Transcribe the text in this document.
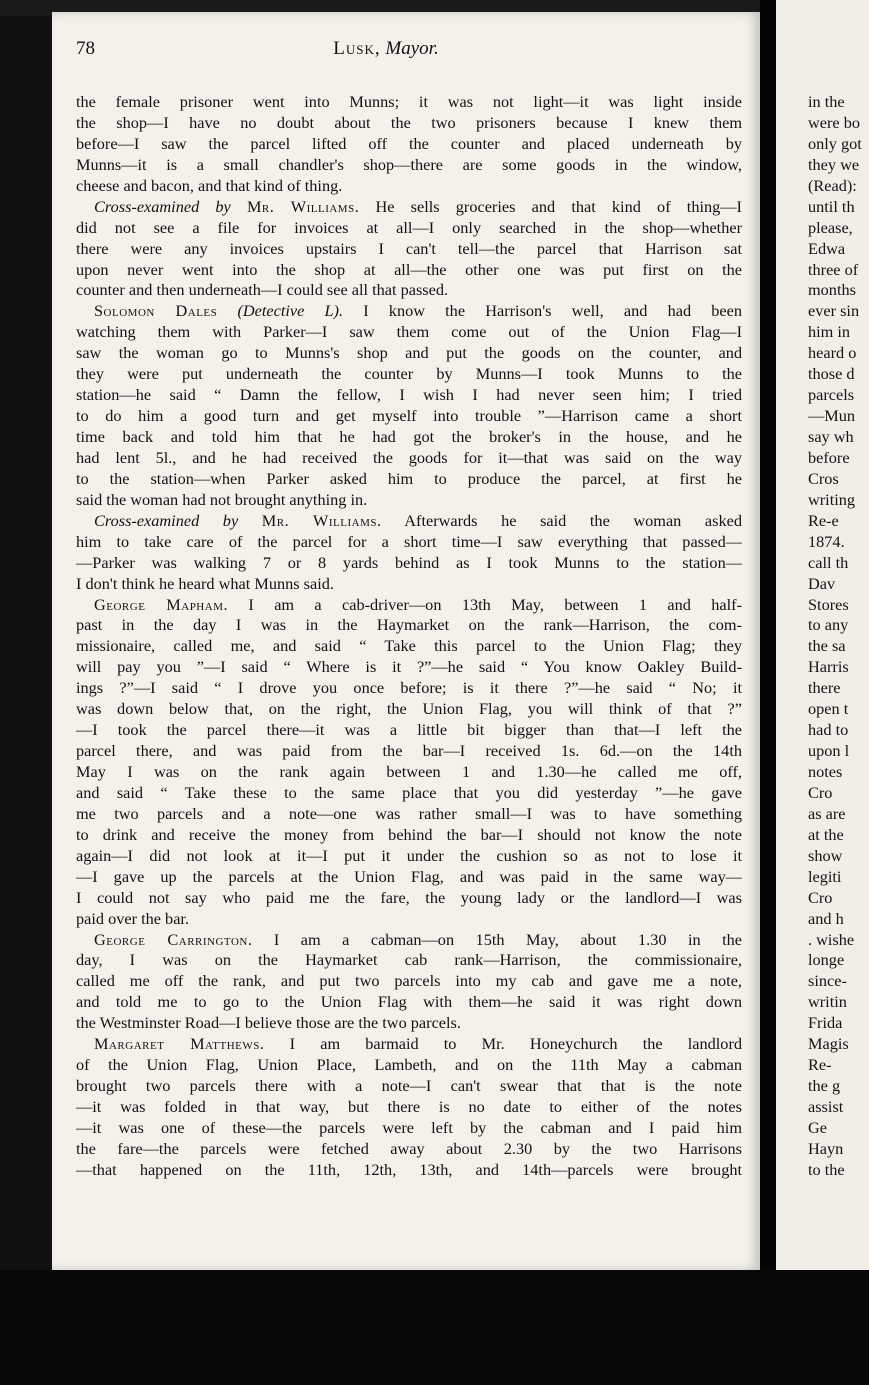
78	Lusk, Mayor.
the female prisoner went into Munns; it was not light—it was light inside
the shop—I have no doubt about the two prisoners because I knew them
before—I saw the parcel lifted off the counter and placed underneath by
Munns—it is a small chandler's shop—there are some goods in the window,
cheese and bacon, and that kind of thing.
Cross-examined by Mr. Williams. He sells groceries and that kind of thing—I
did not see a file for invoices at all—I only searched in the shop—whether
there were any invoices upstairs I can't tell—the parcel that Harrison sat
upon never went into the shop at all—the other one was put first on the
counter and then underneath—I could see all that passed.
Solomon Dales (Detective L). I know the Harrison's well, and had been
watching them with Parker—I saw them come out of the Union Flag—I
saw the woman go to Munns's shop and put the goods on the counter, and
they were put underneath the counter by Munns—I took Munns to the
station—he said “ Damn the fellow, I wish I had never seen him; I tried
to do him a good turn and get myself into trouble ”—Harrison came a short
time back and told him that he had got the broker's in the house, and he
had lent 5l., and he had received the goods for it—that was said on the way
to the station—when Parker asked him to produce the parcel, at first he
said the woman had not brought anything in.
Cross-examined by Mr. Williams. Afterwards he said the woman asked
him to take care of the parcel for a short time—I saw everything that passed—
—Parker was walking 7 or 8 yards behind as I took Munns to the station—
I don't think he heard what Munns said.
George Mapham. I am a cab-driver—on 13th May, between 1 and half-
past in the day I was in the Haymarket on the rank—Harrison, the com-
missionaire, called me, and said “ Take this parcel to the Union Flag; they
will pay you ”—I said “ Where is it ?”—he said “ You know Oakley Build-
ings ?”—I said “ I drove you once before; is it there ?”—he said “ No; it
was down below that, on the right, the Union Flag, you will think of that ?”
—I took the parcel there—it was a little bit bigger than that—I left the
parcel there, and was paid from the bar—I received 1s. 6d.—on the 14th
May I was on the rank again between 1 and 1.30—he called me off,
and said “ Take these to the same place that you did yesterday ”—he gave
me two parcels and a note—one was rather small—I was to have something
to drink and receive the money from behind the bar—I should not know the note
again—I did not look at it—I put it under the cushion so as not to lose it
—I gave up the parcels at the Union Flag, and was paid in the same way—
I could not say who paid me the fare, the young lady or the landlord—I was
paid over the bar.
George Carrington. I am a cabman—on 15th May, about 1.30 in the
day, I was on the Haymarket cab rank—Harrison, the commissionaire,
called me off the rank, and put two parcels into my cab and gave me a note,
and told me to go to the Union Flag with them—he said it was right down
the Westminster Road—I believe those are the two parcels.
Margaret Matthews. I am barmaid to Mr. Honeychurch the landlord
of the Union Flag, Union Place, Lambeth, and on the 11th May a cabman
brought two parcels there with a note—I can't swear that that is the note
—it was folded in that way, but there is no date to either of the notes
—it was one of these—the parcels were left by the cabman and I paid him
the fare—the parcels were fetched away about 2.30 by the two Harrisons
—that happened on the 11th, 12th, 13th, and 14th—parcels were brought
in the
were bo
only got
they we
(Read):
until th
please,
Edwa
three of
months
ever sin
him in
heard o
those d
parcels
—Mun
say wh
before
Cros
writing
Re-e
1874.
call th
Dav
Stores
to any
the sa
Harris
there
open t
had to
upon l
notes
Cro
as are
at the
show
legiti
Cro
and h
. wishe
longe
since-
writin
Frida
Magis
Re-
the g
assist
Ge
Hayn
to the
